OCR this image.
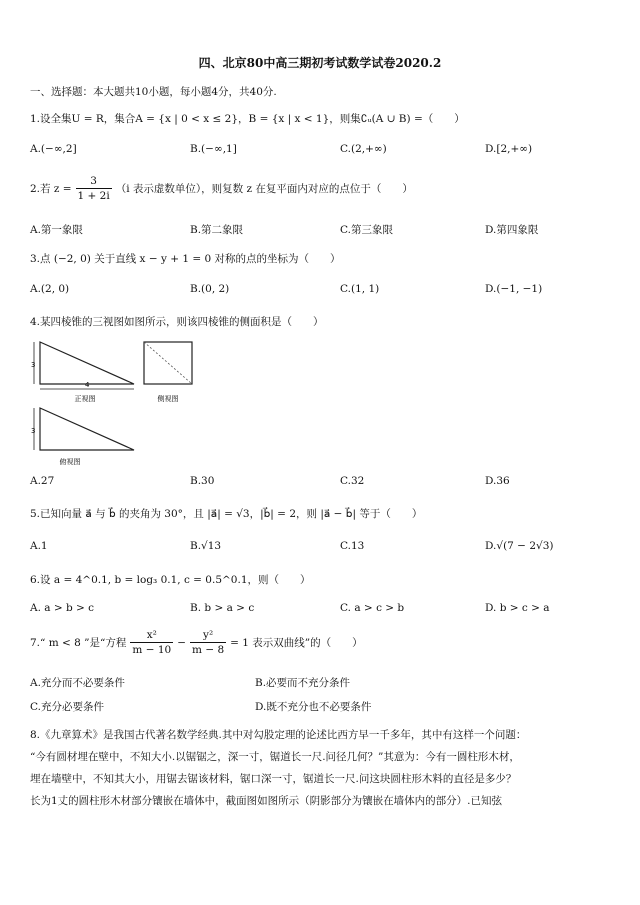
四、北京80中高三期初考试数学试卷2020.2
一、选择题：本大题共10小题，每小题4分，共40分.
1.设全集U = R，集合A = {x | 0 < x ≤ 2}，B = {x | x < 1}，则集∁ᵤ(A ∪ B) =（　　）
A.(−∞,2]	B.(−∞,1]	C.(2,+∞)	D.[2,+∞)
2.若 $z = \frac{3}{1 + 2i} (i$ 表示虚数单位），则复数 z 在复平面内对应的点位于（　　）
A.第一象限	B.第二象限	C.第三象限	D.第四象限
3.点 (−2, 0) 关于直线 x − y + 1 = 0 对称的点的坐标为（　　）
A.(2, 0)	B.(0, 2)	C.(1, 1)	D.(−1, −1)
4.某四棱锥的三视图如图所示，则该四棱锥的侧面积是（　　）
3
4
正视图	侧视图
3
俯视图
A.27	B.30	C.32	D.36
5.已知向量 a⃗ 与 b⃗ 的夹角为 30°，且 |a⃗| = √3，|b⃗| = 2，则 |a⃗ − b⃗| 等于（　　）
A.1	B.√13	C.13	D.√(7 − 2√3)
6.设 a = 4^0.1, b = log₃ 0.1, c = 0.5^0.1，则（　　）
A. a > b > c	B. b > a > c	C. a > c > b	D. b > c > a
7.“ m < 8 ”是“方程 $\frac{\text{x²}}{m - 10} - \frac{\text{y²}}{m - 8} = 1$ 表示双曲线”的（　　）
A.充分而不必要条件	B.必要而不充分条件
C.充分必要条件	D.既不充分也不必要条件
8.《九章算术》是我国古代著名数学经典.其中对勾股定理的论述比西方早一千多年，其中有这样一个问题：
“今有圆材埋在壁中，不知大小.以锯锯之，深一寸，锯道长一尺.问径几何？”其意为：今有一圆柱形木材，
埋在墙壁中，不知其大小，用锯去锯该材料，锯口深一寸，锯道长一尺.问这块圆柱形木料的直径是多少？
长为1丈的圆柱形木材部分镶嵌在墙体中，截面图如图所示（阴影部分为镶嵌在墙体内的部分）.已知弦
